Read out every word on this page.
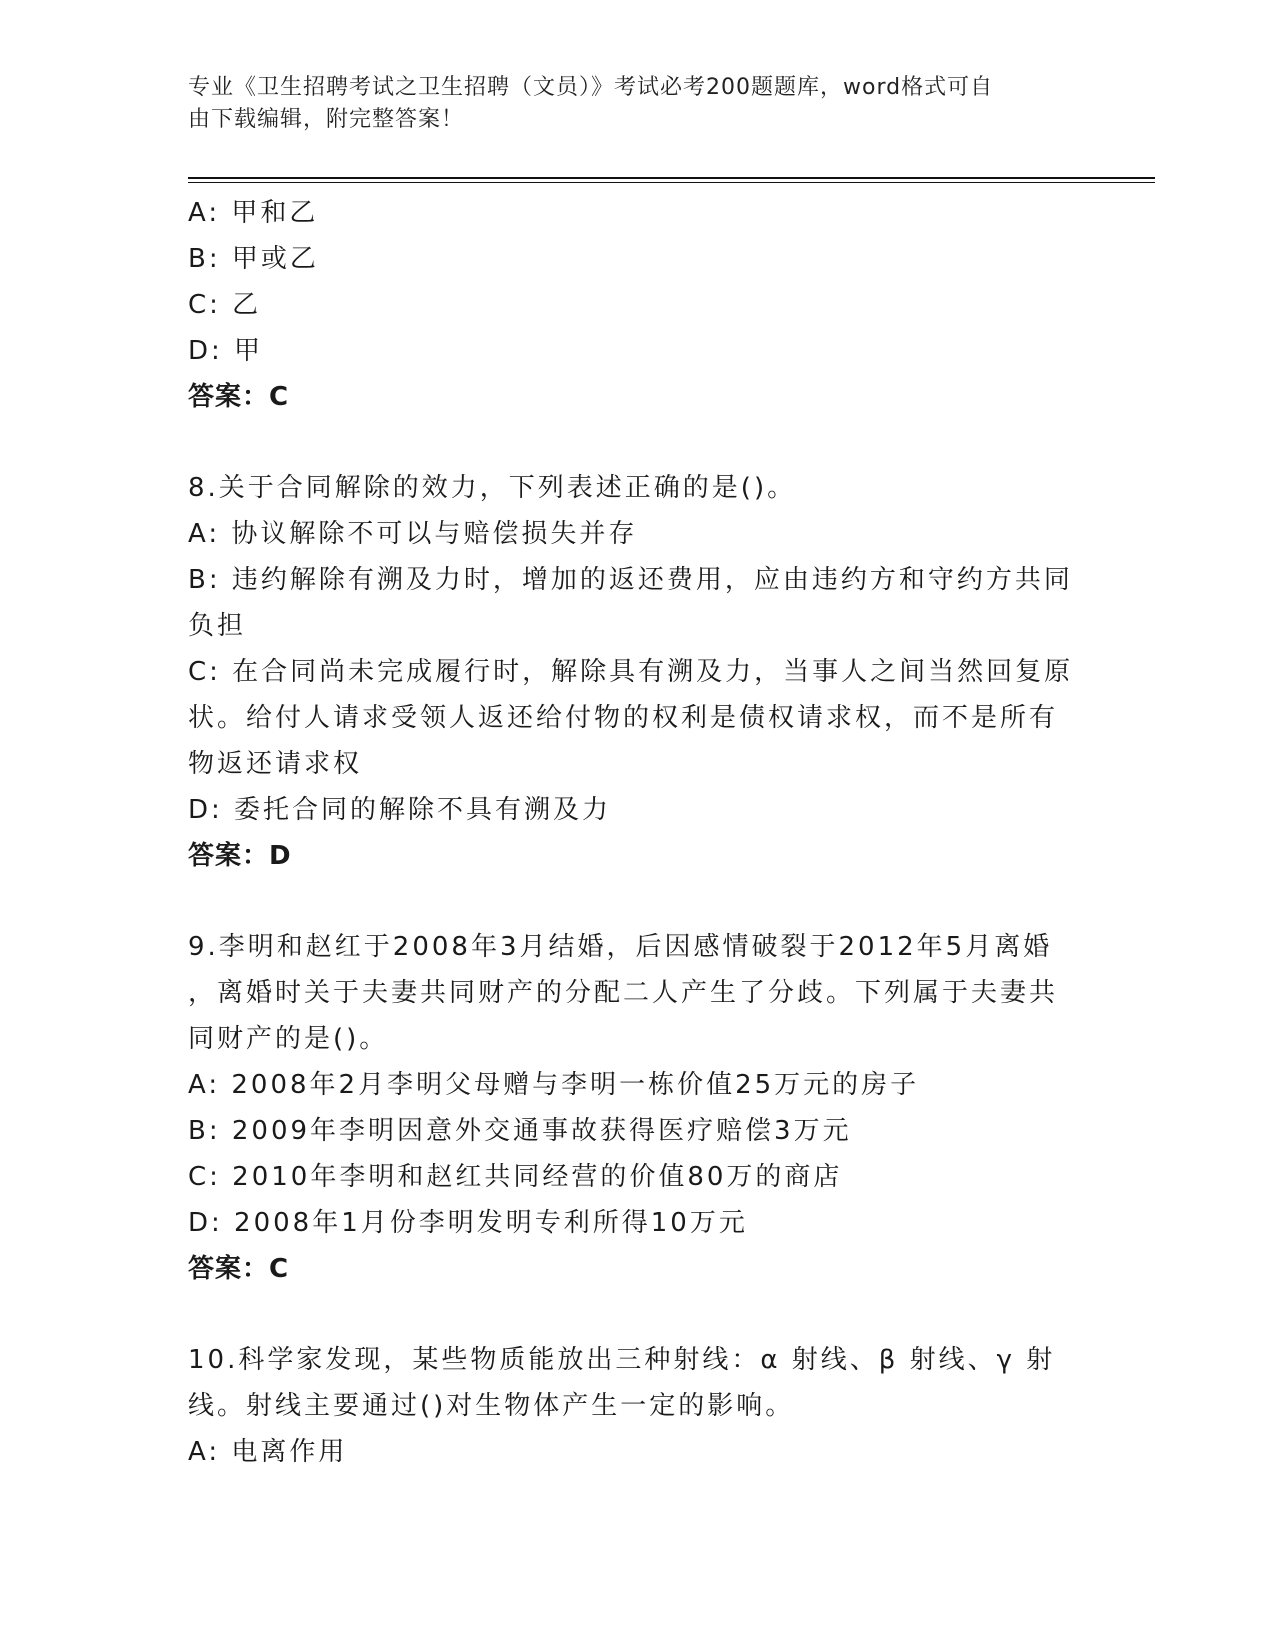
专业《卫生招聘考试之卫生招聘（文员）》考试必考200题题库，word格式可自
由下载编辑，附完整答案！
A: 甲和乙
B: 甲或乙
C: 乙
D: 甲
答案：C
8.关于合同解除的效力，下列表述正确的是()。
A: 协议解除不可以与赔偿损失并存
B: 违约解除有溯及力时，增加的返还费用，应由违约方和守约方共同
负担
C: 在合同尚未完成履行时，解除具有溯及力，当事人之间当然回复原
状。给付人请求受领人返还给付物的权利是债权请求权，而不是所有
物返还请求权
D: 委托合同的解除不具有溯及力
答案：D
9.李明和赵红于2008年3月结婚，后因感情破裂于2012年5月离婚
，离婚时关于夫妻共同财产的分配二人产生了分歧。下列属于夫妻共
同财产的是()。
A: 2008年2月李明父母赠与李明一栋价值25万元的房子
B: 2009年李明因意外交通事故获得医疗赔偿3万元
C: 2010年李明和赵红共同经营的价值80万的商店
D: 2008年1月份李明发明专利所得10万元
答案：C
10.科学家发现，某些物质能放出三种射线：α 射线、β 射线、γ 射
线。射线主要通过()对生物体产生一定的影响。
A: 电离作用
